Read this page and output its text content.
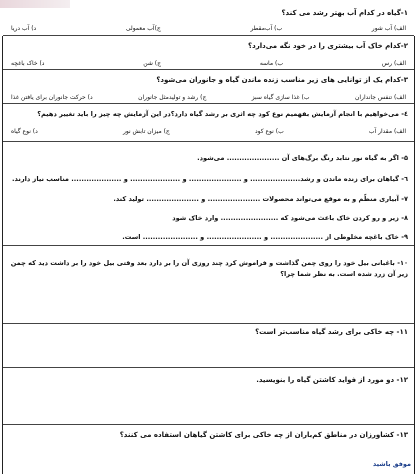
۱-گیاه در کدام آب بهتر رشد می کند؟
الف) آب شور
ب) آب‌مقطر
ج)آب معمولی
د) آب دریا
۲-کدام خاک آب بیشتری را در خود نگه می‌دارد؟
الف) رس
ب) ماسه
ج) شن
د) خاک باغچه
۳-کدام یک از توانایی های زیر مناسب زنده ماندن گیاه و جانوران می‌شود؟
الف) تنفس جانداران
ب) غذا سازی گیاه سبز
ج) رشد و تولیدمثل جانوران
د) حرکت جانوران برای یافتن غذا
٤- می‌خواهیم با انجام آزمایش بفهمیم نوع کود چه اثری بر رشد گیاه دارد؟در این آزمایش چه چیز را باید تغییر دهیم؟
الف) مقدار آب
ب) نوع کود
ج) میزان تابش نور
د) نوع گیاه
۵- اگر به گیاه نور نتابد رنگ برگ‌های آن ..................... می‌شود.
٦- گیاهان برای زنده ماندن و رشد.................... و ..................... و .................... و .................... مناسب نیاز دارند.
۷- آبیاری منظّم و به موقع می‌تواند محصولات ..................... و ..................... تولید کند.
۸- زیر و رو کردن خاک باعث می‌شود که ....................... وارد خاک شود
۹- خاک باغچه مخلوطی از ..................... و ...................... و ...................... است.
۱۰- باغبانی بیل خود را روی چمن گذاشت و فراموش کرد چند روزی آن را بر دارد بعد وقتی بیل خود را بر داشت دید که چمن زیر آن زرد شده است. به نظر شما چرا؟
۱۱- چه خاکی برای رشد گیاه مناسب‌تر است؟
۱۲- دو مورد از فواید کاشتن گیاه را بنویسید.
۱۳- کشاورزان در مناطق کم‌باران از چه خاکی برای کاشتن گیاهان استفاده می کنند؟
موفق باشید
